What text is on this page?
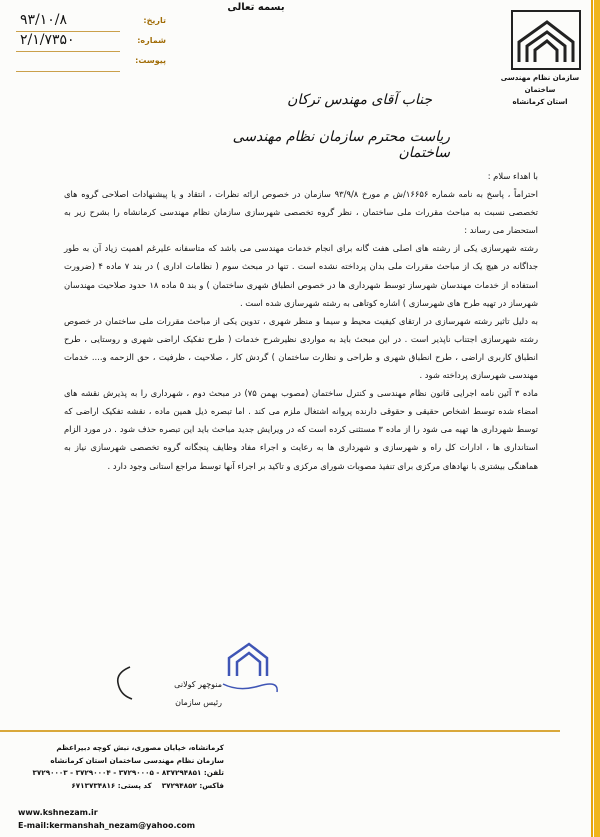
سازمان نظام مهندسی ساختمان
استان کرمانشاه
بسمه تعالی
تاریخ:
۹۳/۱۰/۸
شماره:
۲/۱/۷۳۵۰
پیوست:
جناب آقای مهندس ترکان
ریاست محترم سازمان نظام مهندسی ساختمان

با اهداء سلام :

احتراماً ، پاسخ به نامه شماره ۱۶۶۵۶/ش م مورخ ۹۳/۹/۸ سازمان در خصوص ارائه نظرات ، انتقاد و یا پیشنهادات اصلاحی گروه های تخصصی نسبت به مباحث مقررات ملی ساختمان ، نظر گروه تخصصی شهرسازی سازمان نظام مهندسی کرمانشاه را بشرح زیر به استحضار می رساند :

رشته شهرسازی یکی از رشته های اصلی هفت گانه برای انجام خدمات مهندسی می باشد که متاسفانه علیرغم اهمیت زیاد آن به طور جداگانه در هیچ یک از مباحث مقررات ملی بدان پرداخته نشده است . تنها در مبحث سوم ( نظامات اداری ) در بند ۷ ماده ۴ (ضرورت استفاده از خدمات مهندسان شهرساز توسط شهرداری ها در خصوص انطباق شهری ساختمان ) و بند ۵ ماده ۱۸ حدود صلاحیت مهندسان شهرساز در تهیه طرح های شهرسازی ) اشاره کوتاهی به رشته شهرسازی شده است .

به دلیل تاثیر رشته شهرسازی در ارتقای کیفیت محیط و سیما و منظر شهری ، تدوین یکی از مباحث مقررات ملی ساختمان در خصوص رشته شهرسازی اجتناب ناپذیر است . در این مبحث باید به مواردی نظیرشرح خدمات ( طرح تفکیک اراضی شهری و روستایی ، طرح انطباق کاربری اراضی ، طرح انطباق شهری و طراحی و نظارت ساختمان ) گردش کار ، صلاحیت ، ظرفیت ، حق الزحمه و.... خدمات مهندسی شهرسازی پرداخته شود .

ماده ۳ آئین نامه اجرایی قانون نظام مهندسی و کنترل ساختمان (مصوب بهمن ۷۵) در مبحث دوم ، شهرداری را به پذیرش نقشه های امضاء شده توسط اشخاص حقیقی و حقوقی دارنده پروانه اشتغال ملزم می کند . اما تبصره ذیل همین ماده ، نقشه تفکیک اراضی که توسط شهرداری ها تهیه می شود را از ماده ۳ مستثنی کرده است که در ویرایش جدید مباحث باید این تبصره حذف شود . در مورد الزام استانداری ها ، ادارات کل راه و شهرسازی و شهرداری ها به رعایت و اجراء مفاد وظایف پنجگانه گروه تخصصی شهرسازی نیاز به هماهنگی بیشتری با نهادهای مرکزی برای تنفیذ مصوبات شورای مرکزی و تاکید بر اجراء آنها توسط مراجع استانی وجود دارد .

منوچهر کولانی
رئیس سازمان
کرمانشاه، خیابان مصوری، نبش کوچه دبیراعظم
سازمان نظام مهندسی ساختمان استان کرمانشاه
تلفن: ۸۳۷۲۹۴۸۵۱ - ۳۷۲۹۰۰۰۵ - ۳۷۲۹۰۰۰۴ - ۳۷۲۹۰۰۰۳
فاکس: ۳۷۲۹۴۸۵۲    کد پستی: ۶۷۱۳۷۳۴۸۱۶
www.kshnezam.ir
E-mail:kermanshah_nezam@yahoo.com
